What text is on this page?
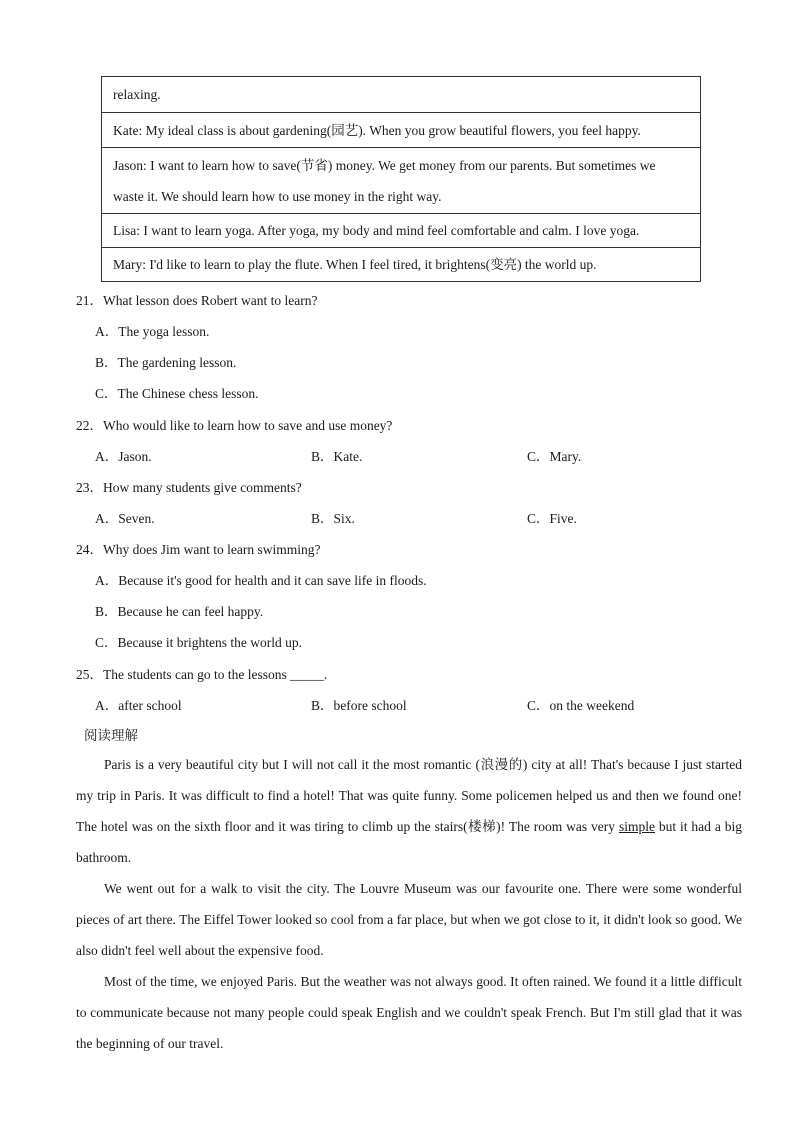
relaxing.
Kate: My ideal class is about gardening(园艺). When you grow beautiful flowers, you feel happy.
Jason: I want to learn how to save(节省) money. We get money from our parents. But sometimes we waste it. We should learn how to use money in the right way.
Lisa: I want to learn yoga. After yoga, my body and mind feel comfortable and calm. I love yoga.
Mary: I'd like to learn to play the flute. When I feel tired, it brightens(变亮) the world up.
21．What lesson does Robert want to learn?
A．The yoga lesson.
B．The gardening lesson.
C．The Chinese chess lesson.
22．Who would like to learn how to save and use money?
A．Jason.	B．Kate.	C．Mary.
23．How many students give comments?
A．Seven.	B．Six.	C．Five.
24．Why does Jim want to learn swimming?
A．Because it's good for health and it can save life in floods.
B．Because he can feel happy.
C．Because it brightens the world up.
25．The students can go to the lessons _____.
A．after school	B．before school	C．on the weekend
阅读理解

Paris is a very beautiful city but I will not call it the most romantic (浪漫的) city at all! That's because I just started my trip in Paris. It was difficult to find a hotel! That was quite funny. Some policemen helped us and then we found one! The hotel was on the sixth floor and it was tiring to climb up the stairs(楼梯)! The room was very simple but it had a big bathroom.

We went out for a walk to visit the city. The Louvre Museum was our favourite one. There were some wonderful pieces of art there. The Eiffel Tower looked so cool from a far place, but when we got close to it, it didn't look so good. We also didn't feel well about the expensive food.

Most of the time, we enjoyed Paris. But the weather was not always good. It often rained. We found it a little difficult to communicate because not many people could speak English and we couldn't speak French. But I'm still glad that it was the beginning of our travel.
